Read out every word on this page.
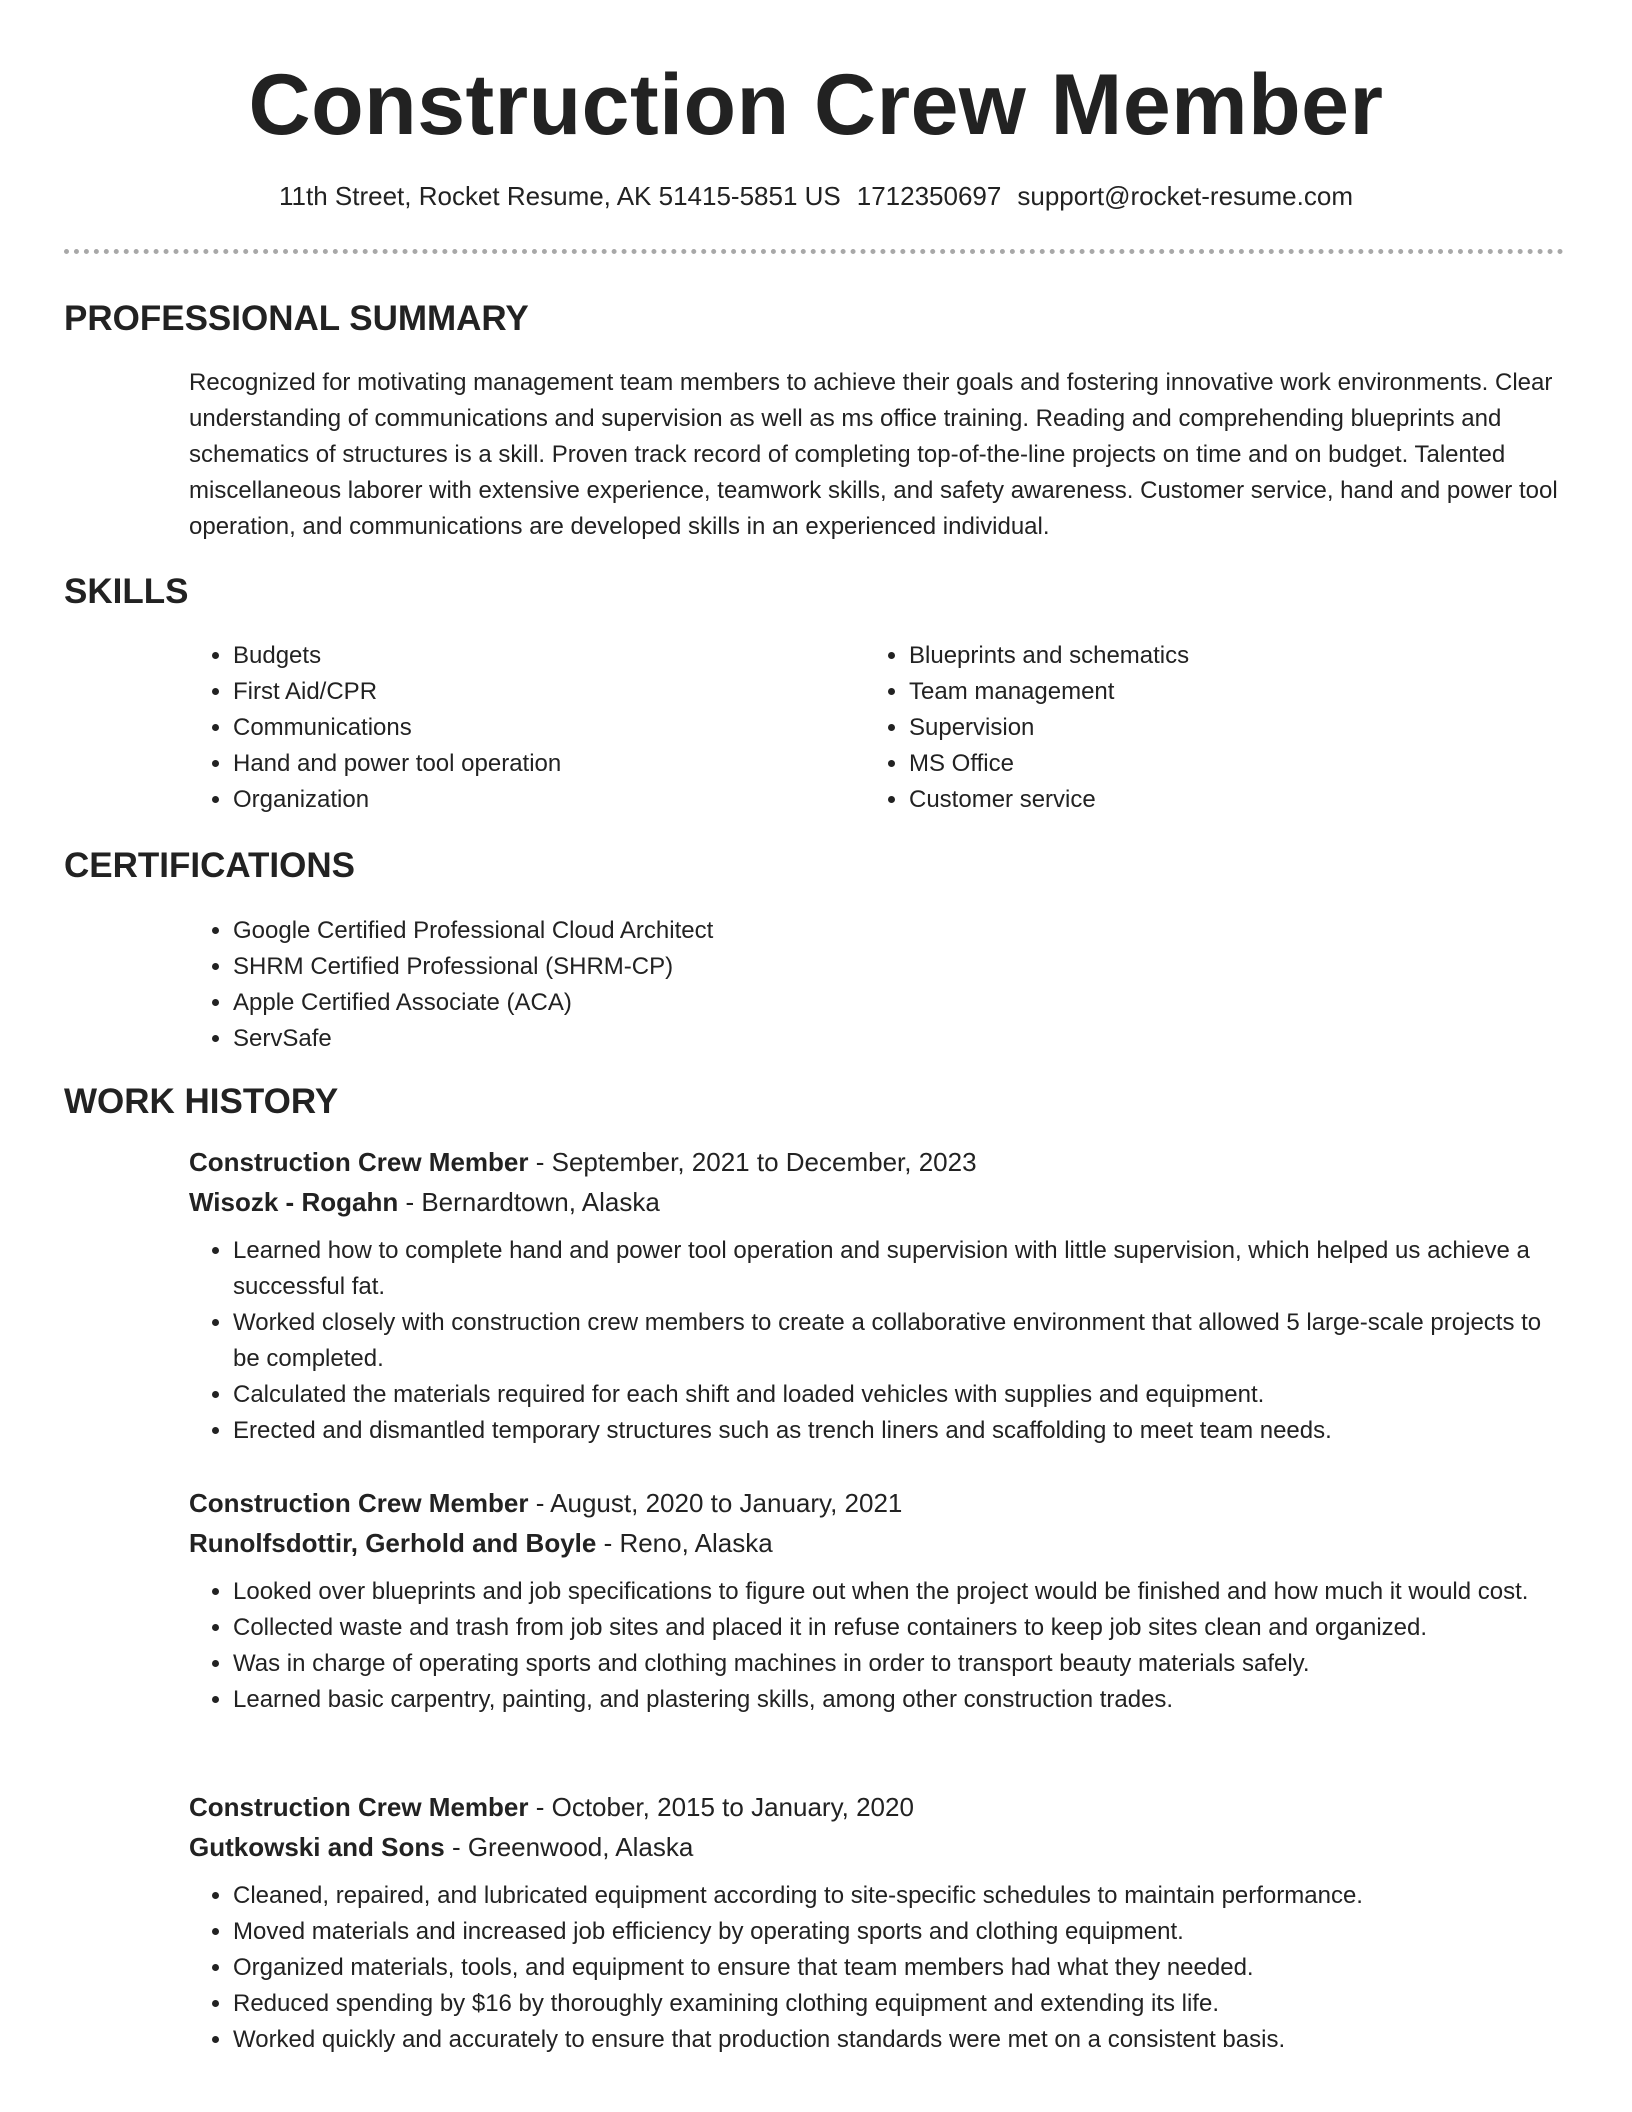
Construction Crew Member
11th Street, Rocket Resume, AK 51415-5851 US 1712350697 support@rocket-resume.com
PROFESSIONAL SUMMARY

Recognized for motivating management team members to achieve their goals and fostering innovative work environments. Clear understanding of communications and supervision as well as ms office training. Reading and comprehending blueprints and schematics of structures is a skill. Proven track record of completing top-of-the-line projects on time and on budget. Talented miscellaneous laborer with extensive experience, teamwork skills, and safety awareness. Customer service, hand and power tool operation, and communications are developed skills in an experienced individual.

SKILLS
• Budgets
• First Aid/CPR
• Communications
• Hand and power tool operation
• Organization
• Blueprints and schematics
• Team management
• Supervision
• MS Office
• Customer service
CERTIFICATIONS
• Google Certified Professional Cloud Architect
• SHRM Certified Professional (SHRM-CP)
• Apple Certified Associate (ACA)
• ServSafe
WORK HISTORY
Construction Crew Member - September, 2021 to December, 2023
Wisozk - Rogahn - Bernardtown, Alaska
• Learned how to complete hand and power tool operation and supervision with little supervision, which helped us achieve a successful fat.
• Worked closely with construction crew members to create a collaborative environment that allowed 5 large-scale projects to be completed.
• Calculated the materials required for each shift and loaded vehicles with supplies and equipment.
• Erected and dismantled temporary structures such as trench liners and scaffolding to meet team needs.
Construction Crew Member - August, 2020 to January, 2021
Runolfsdottir, Gerhold and Boyle - Reno, Alaska
• Looked over blueprints and job specifications to figure out when the project would be finished and how much it would cost.
• Collected waste and trash from job sites and placed it in refuse containers to keep job sites clean and organized.
• Was in charge of operating sports and clothing machines in order to transport beauty materials safely.
• Learned basic carpentry, painting, and plastering skills, among other construction trades.
Construction Crew Member - October, 2015 to January, 2020
Gutkowski and Sons - Greenwood, Alaska
• Cleaned, repaired, and lubricated equipment according to site-specific schedules to maintain performance.
• Moved materials and increased job efficiency by operating sports and clothing equipment.
• Organized materials, tools, and equipment to ensure that team members had what they needed.
• Reduced spending by $16 by thoroughly examining clothing equipment and extending its life.
• Worked quickly and accurately to ensure that production standards were met on a consistent basis.
